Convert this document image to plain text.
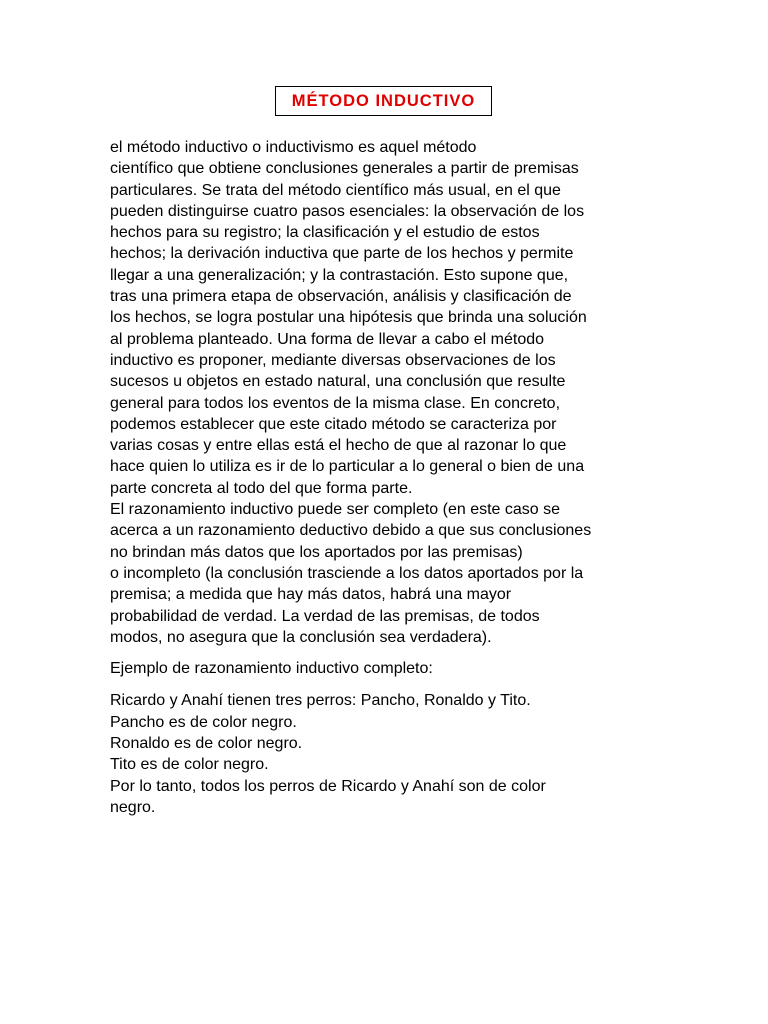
MÉTODO INDUCTIVO
el método inductivo o inductivismo es aquel método
científico que obtiene conclusiones generales a partir de premisas
particulares. Se trata del método científico más usual, en el que
pueden distinguirse cuatro pasos esenciales: la observación de los
hechos para su registro; la clasificación y el estudio de estos
hechos; la derivación inductiva que parte de los hechos y permite
llegar a una generalización; y la contrastación. Esto supone que,
tras una primera etapa de observación, análisis y clasificación de
los hechos, se logra postular una hipótesis que brinda una solución
al problema planteado. Una forma de llevar a cabo el método
inductivo es proponer, mediante diversas observaciones de los
sucesos u objetos en estado natural, una conclusión que resulte
general para todos los eventos de la misma clase. En concreto,
podemos establecer que este citado método se caracteriza por
varias cosas y entre ellas está el hecho de que al razonar lo que
hace quien lo utiliza es ir de lo particular a lo general o bien de una
parte concreta al todo del que forma parte.
El razonamiento inductivo puede ser completo (en este caso se
acerca a un razonamiento deductivo debido a que sus conclusiones
no brindan más datos que los aportados por las premisas)
o incompleto (la conclusión trasciende a los datos aportados por la
premisa; a medida que hay más datos, habrá una mayor
probabilidad de verdad. La verdad de las premisas, de todos
modos, no asegura que la conclusión sea verdadera).
Ejemplo de razonamiento inductivo completo:
Ricardo y Anahí tienen tres perros: Pancho, Ronaldo y Tito.
Pancho es de color negro.
Ronaldo es de color negro.
Tito es de color negro.
Por lo tanto, todos los perros de Ricardo y Anahí son de color
negro.
